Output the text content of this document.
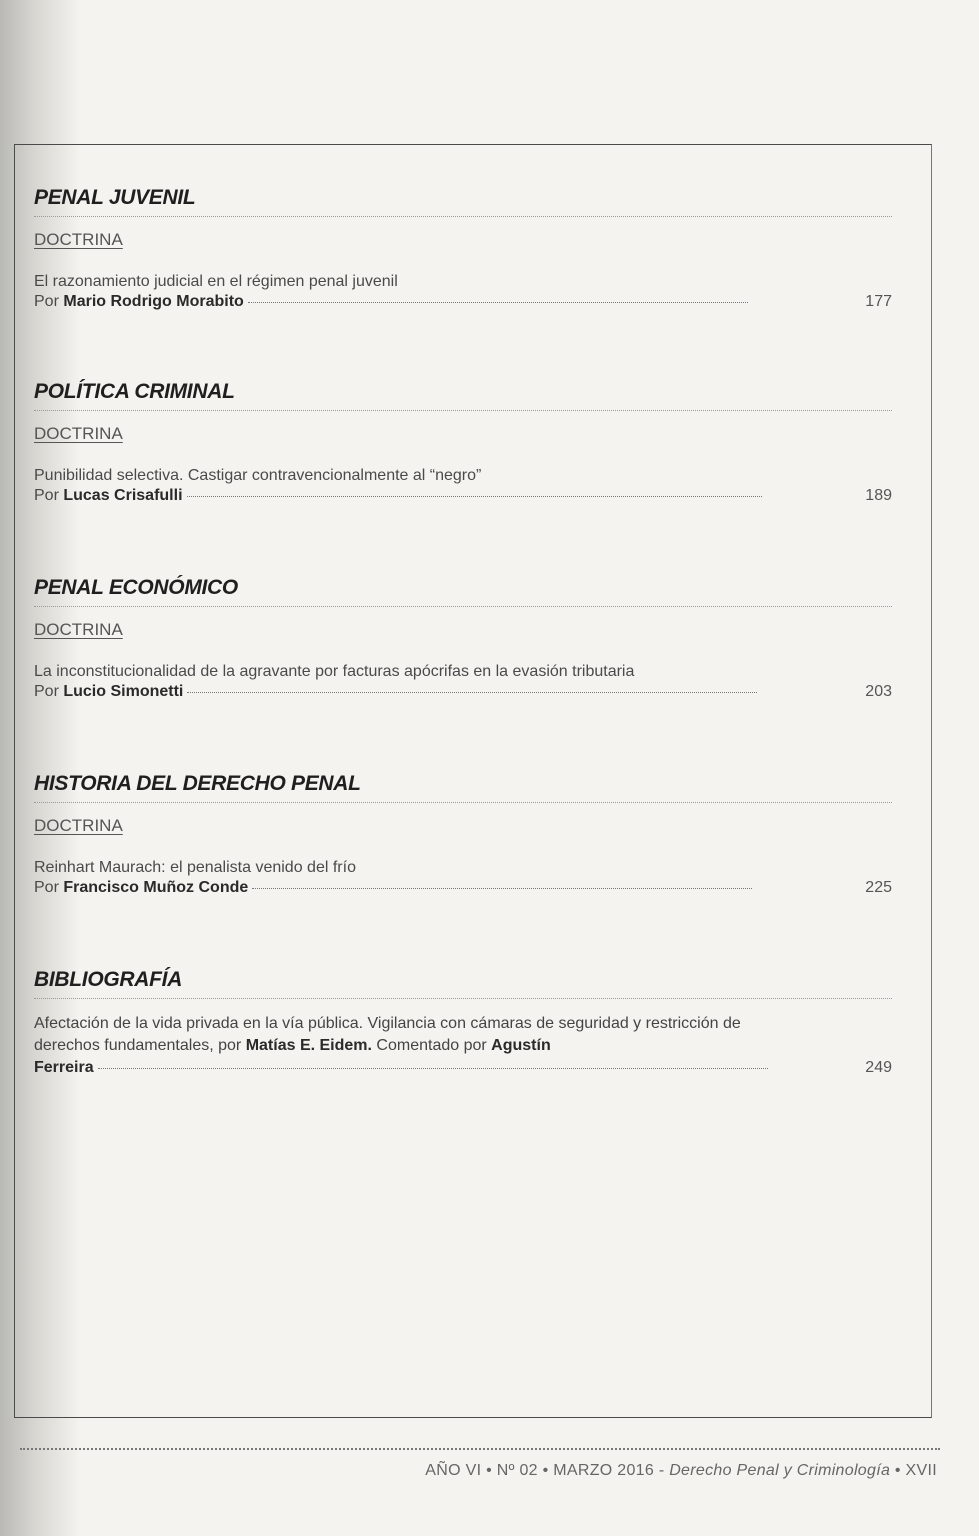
PENAL JUVENIL
DOCTRINA
El razonamiento judicial en el régimen penal juvenil
Por
Mario Rodrigo Morabito	177
POLÍTICA CRIMINAL
DOCTRINA
Punibilidad selectiva. Castigar contravencionalmente al “negro”
Por
Lucas Crisafulli	189
PENAL ECONÓMICO
DOCTRINA
La inconstitucionalidad de la agravante por facturas apócrifas en la evasión tributaria
Por
Lucio Simonetti	203
HISTORIA DEL DERECHO PENAL
DOCTRINA
Reinhart Maurach: el penalista venido del frío
Por
Francisco Muñoz Conde	225
BIBLIOGRAFÍA
Afectación de la vida privada en la vía pública. Vigilancia con cámaras de seguridad y restricción de derechos fundamentales, por Matías E. Eidem. Comentado por Agustín
Ferreira	249
AÑO VI • Nº 02 • MARZO 2016 - Derecho Penal y Criminología • XVII
